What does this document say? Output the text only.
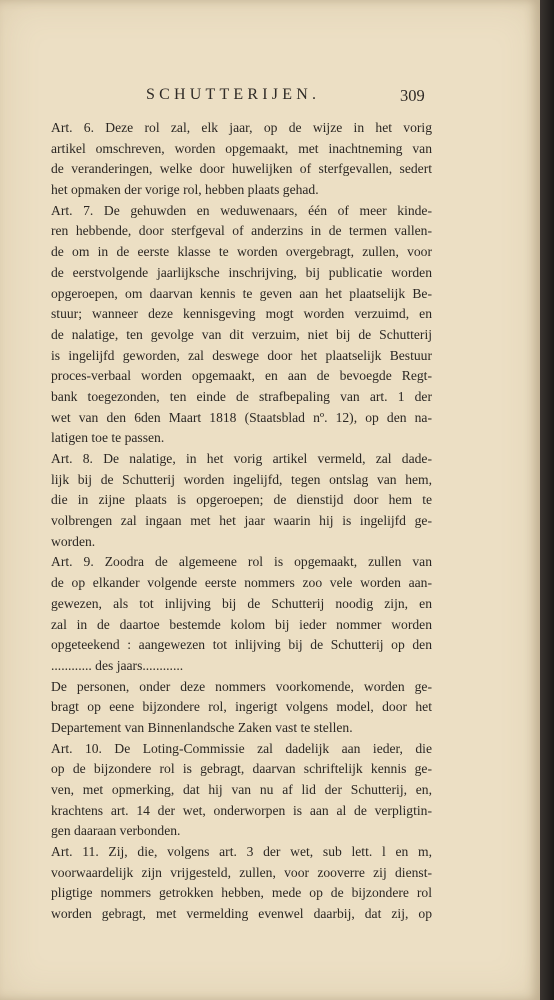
SCHUTTERIJEN.	309
Art. 6. Deze rol zal, elk jaar, op de wijze in het vorig
artikel omschreven, worden opgemaakt, met inachtneming van
de veranderingen, welke door huwelijken of sterfgevallen, sedert
het opmaken der vorige rol, hebben plaats gehad.
Art. 7. De gehuwden en weduwenaars, één of meer kinde-
ren hebbende, door sterfgeval of anderzins in de termen vallen-
de om in de eerste klasse te worden overgebragt, zullen, voor
de eerstvolgende jaarlijksche inschrijving, bij publicatie worden
opgeroepen, om daarvan kennis te geven aan het plaatselijk Be-
stuur; wanneer deze kennisgeving mogt worden verzuimd, en
de nalatige, ten gevolge van dit verzuim, niet bij de Schutterij
is ingelijfd geworden, zal deswege door het plaatselijk Bestuur
proces-verbaal worden opgemaakt, en aan de bevoegde Regt-
bank toegezonden, ten einde de strafbepaling van art. 1 der
wet van den 6den Maart 1818 (Staatsblad nº. 12), op den na-
latigen toe te passen.
Art. 8. De nalatige, in het vorig artikel vermeld, zal dade-
lijk bij de Schutterij worden ingelijfd, tegen ontslag van hem,
die in zijne plaats is opgeroepen; de dienstijd door hem te
volbrengen zal ingaan met het jaar waarin hij is ingelijfd ge-
worden.
Art. 9. Zoodra de algemeene rol is opgemaakt, zullen van
de op elkander volgende eerste nommers zoo vele worden aan-
gewezen, als tot inlijving bij de Schutterij noodig zijn, en
zal in de daartoe bestemde kolom bij ieder nommer worden
opgeteekend : aangewezen tot inlijving bij de Schutterij op den
............ des jaars............
De personen, onder deze nommers voorkomende, worden ge-
bragt op eene bijzondere rol, ingerigt volgens model, door het
Departement van Binnenlandsche Zaken vast te stellen.
Art. 10. De Loting-Commissie zal dadelijk aan ieder, die
op de bijzondere rol is gebragt, daarvan schriftelijk kennis ge-
ven, met opmerking, dat hij van nu af lid der Schutterij, en,
krachtens art. 14 der wet, onderworpen is aan al de verpligtin-
gen daaraan verbonden.
Art. 11. Zij, die, volgens art. 3 der wet, sub lett. l en m,
voorwaardelijk zijn vrijgesteld, zullen, voor zooverre zij dienst-
pligtige nommers getrokken hebben, mede op de bijzondere rol
worden gebragt, met vermelding evenwel daarbij, dat zij, op
